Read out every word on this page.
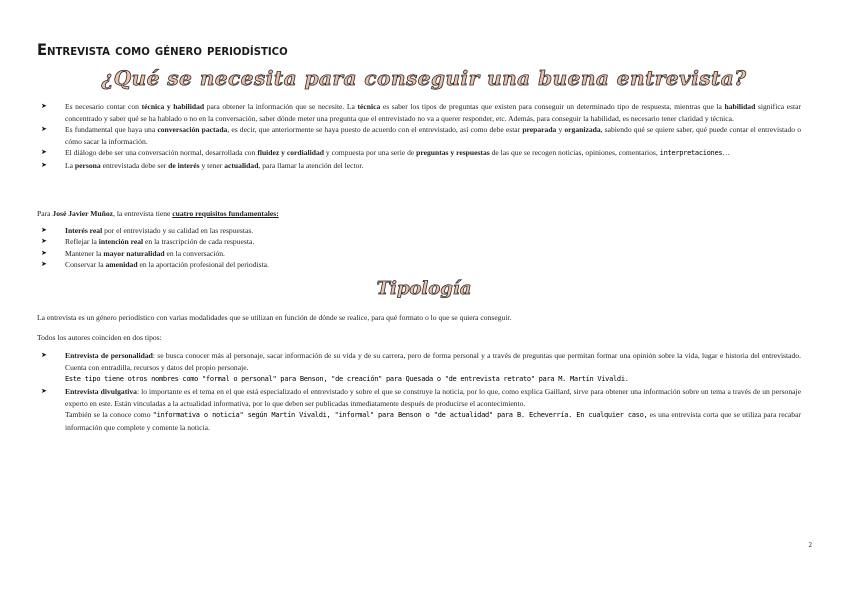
Entrevista como género periodístico
¿Qué se necesita para conseguir una buena entrevista?
➤ Es necesario contar con técnica y habilidad para obtener la información que se necesite. La técnica es saber los tipos de preguntas que existen para conseguir un determinado tipo de respuesta, mientras que la habilidad significa estar concentrado y saber qué se ha hablado o no en la conversación, saber dónde meter una pregunta que el entrevistado no va a querer responder, etc. Además, para conseguir la habilidad, es necesario tener claridad y técnica.
➤ Es fundamental que haya una conversación pactada, es decir, que anteriormente se haya puesto de acuerdo con el entrevistado, así como debe estar preparada y organizada, sabiendo qué se quiere saber, qué puede contar el entrevistado o cómo sacar la información.
➤ El diálogo debe ser una conversación normal, desarrollada con fluidez y cordialidad y compuesta por una serie de preguntas y respuestas de las que se recogen noticias, opiniones, comentarios, interpretaciones…
➤ La persona entrevistada debe ser de interés y tener actualidad, para llamar la atención del lector.

Para José Javier Muñoz, la entrevista tiene cuatro requisitos fundamentales:

➤ Interés real por el entrevistado y su calidad en las respuestas.
➤ Reflejar la intención real en la trascripción de cada respuesta.
➤ Mantener la mayor naturalidad en la conversación.
➤ Conservar la amenidad en la aportación profesional del periodista.
Tipología

La entrevista es un género periodístico con varias modalidades que se utilizan en función de dónde se realice, para qué formato o lo que se quiera conseguir.

Todos los autores coinciden en dos tipos:

➤ Entrevista de personalidad: se busca conocer más al personaje, sacar información de su vida y de su carrera, pero de forma personal y a través de preguntas que permitan formar una opinión sobre la vida, lugar e historia del entrevistado. Cuenta con entradilla, recursos y datos del propio personaje.
Este tipo tiene otros nombres como "formal o personal" para Benson, "de creación" para Quesada o "de entrevista retrato" para M. Martín Vivaldi.
➤ Entrevista divulgativa: lo importante es el tema en el que está especializado el entrevistado y sobre el que se construye la noticia, por lo que, como explica Gaillard, sirve para obtener una información sobre un tema a través de un personaje experto en este. Están vinculadas a la actualidad informativa, por lo que deben ser publicadas inmediatamente después de producirse el acontecimiento.
También se la conoce como "informativa o noticia" según Martín Vivaldi, "informal" para Benson o "de actualidad" para B. Echeverría. En cualquier caso, es una entrevista corta que se utiliza para recabar información que complete y comente la noticia.
2
